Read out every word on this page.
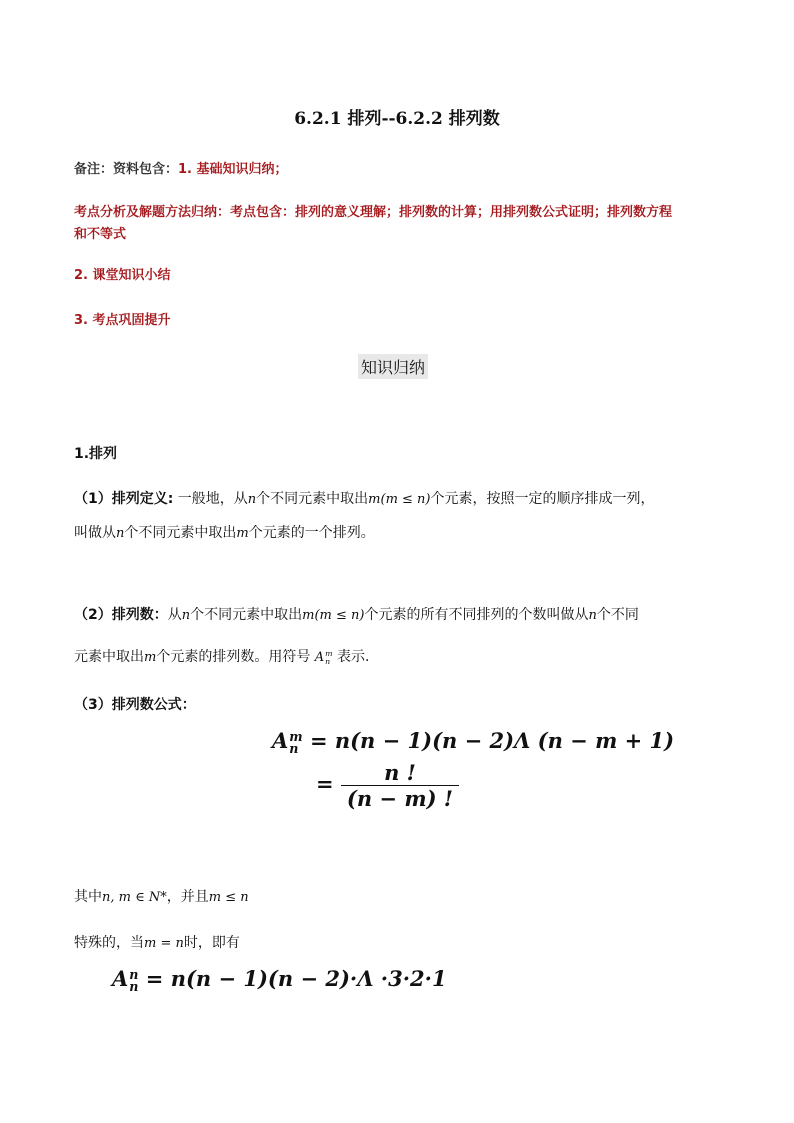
6.2.1 排列--6.2.2 排列数
备注：资料包含：1. 基础知识归纳；
考点分析及解题方法归纳：考点包含：排列的意义理解；排列数的计算；用排列数公式证明；排列数方程
和不等式
2. 课堂知识小结
3. 考点巩固提升
知识归纳
1.排列
（1）排列定义: 一般地，从n个不同元素中取出m(m ≤ n)个元素，按照一定的顺序排成一列，
叫做从n个不同元素中取出m个元素的一个排列。
（2）排列数：从n个不同元素中取出m(m ≤ n)个元素的所有不同排列的个数叫做从n个不同
元素中取出m个元素的排列数。用符号 A m
n 表示.
（3）排列数公式：
A m
n = n(n − 1)(n − 2)Λ (n − m + 1)
= $\frac{n !}{(n - m) !}$
其中n, m ∈ N*，并且m ≤ n
特殊的，当m = n时，即有
A n
n = n(n − 1)(n − 2)·Λ ·3·2·1
